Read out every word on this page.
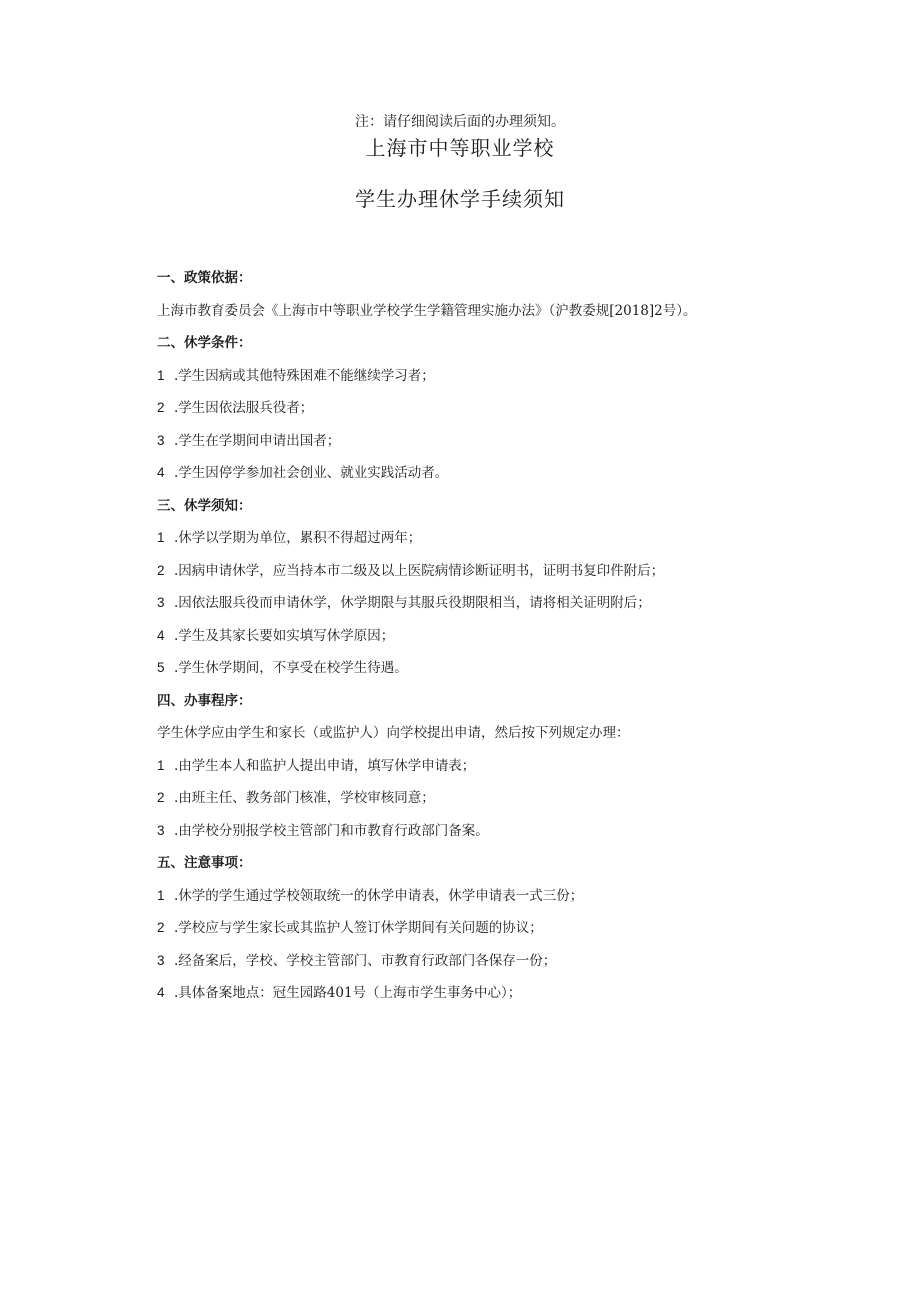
注：请仔细阅读后面的办理须知。
上海市中等职业学校
学生办理休学手续须知
一、政策依据：
上海市教育委员会《上海市中等职业学校学生学籍管理实施办法》（沪教委规[2018]2号）。
二、休学条件：
1 .学生因病或其他特殊困难不能继续学习者；
2 .学生因依法服兵役者；
3 .学生在学期间申请出国者；
4 .学生因停学参加社会创业、就业实践活动者。
三、休学须知：
1 .休学以学期为单位，累积不得超过两年；
2 .因病申请休学，应当持本市二级及以上医院病情诊断证明书，证明书复印件附后；
3 .因依法服兵役而申请休学，休学期限与其服兵役期限相当，请将相关证明附后；
4 .学生及其家长要如实填写休学原因；
5 .学生休学期间，不享受在校学生待遇。
四、办事程序：
学生休学应由学生和家长（或监护人）向学校提出申请，然后按下列规定办理：
1 .由学生本人和监护人提出申请，填写休学申请表；
2 .由班主任、教务部门核准，学校审核同意；
3 .由学校分别报学校主管部门和市教育行政部门备案。
五、注意事项：
1 .休学的学生通过学校领取统一的休学申请表，休学申请表一式三份；
2 .学校应与学生家长或其监护人签订休学期间有关问题的协议；
3 .经备案后，学校、学校主管部门、市教育行政部门各保存一份；
4 .具体备案地点：冠生园路401号（上海市学生事务中心）；
